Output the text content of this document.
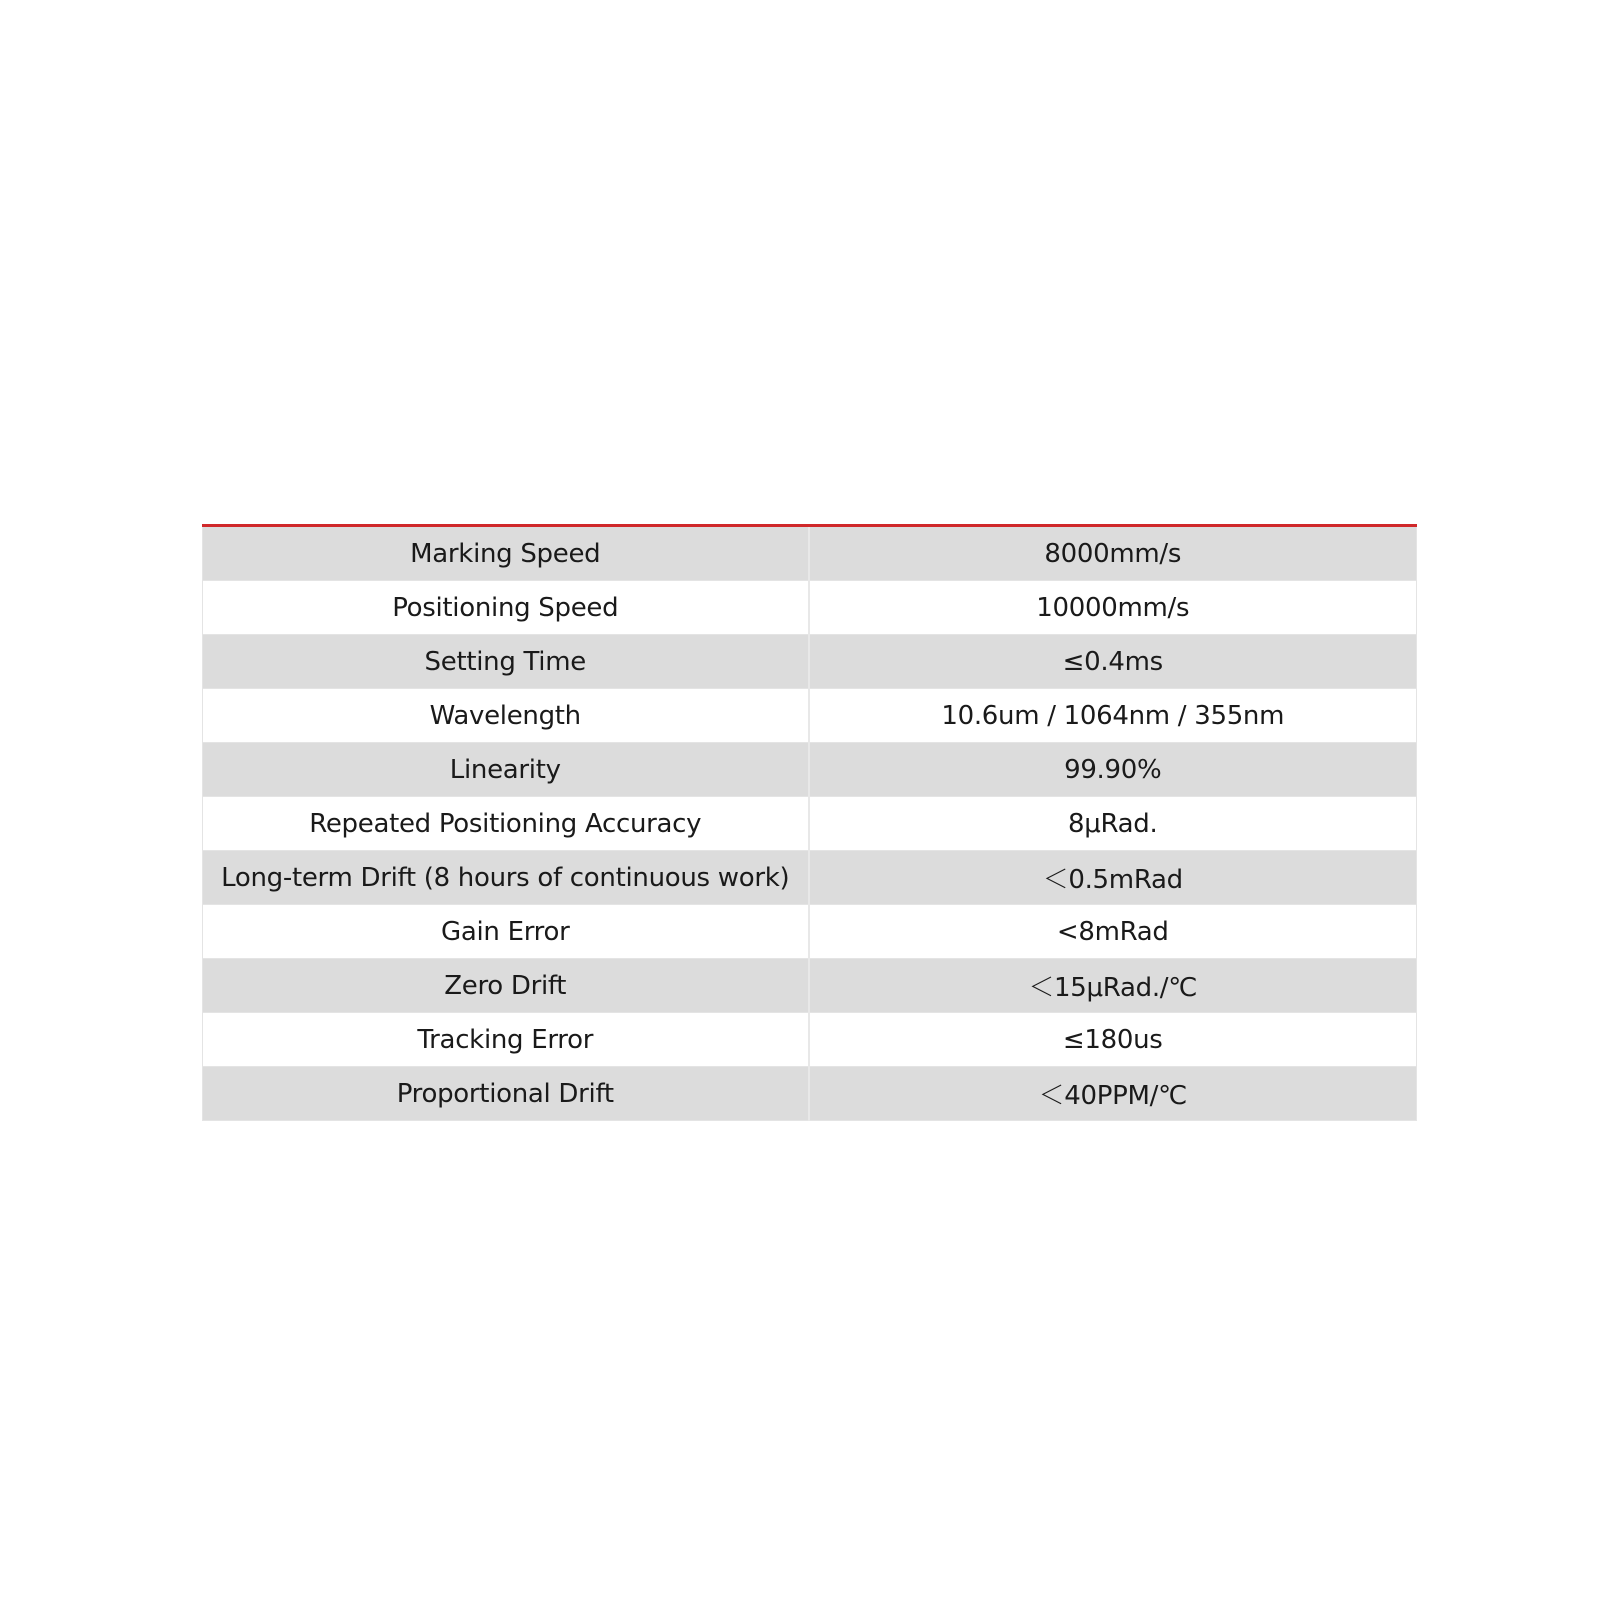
Marking Speed	8000mm/s
Positioning Speed	10000mm/s
Setting Time	≤0.4ms
Wavelength	10.6um / 1064nm / 355nm
Linearity	99.90%
Repeated Positioning Accuracy	8μRad.
Long-term Drift (8 hours of continuous work)	＜0.5mRad
Gain Error	<8mRad
Zero Drift	＜15μRad./℃
Tracking Error	≤180us
Proportional Drift	＜40PPM/℃
